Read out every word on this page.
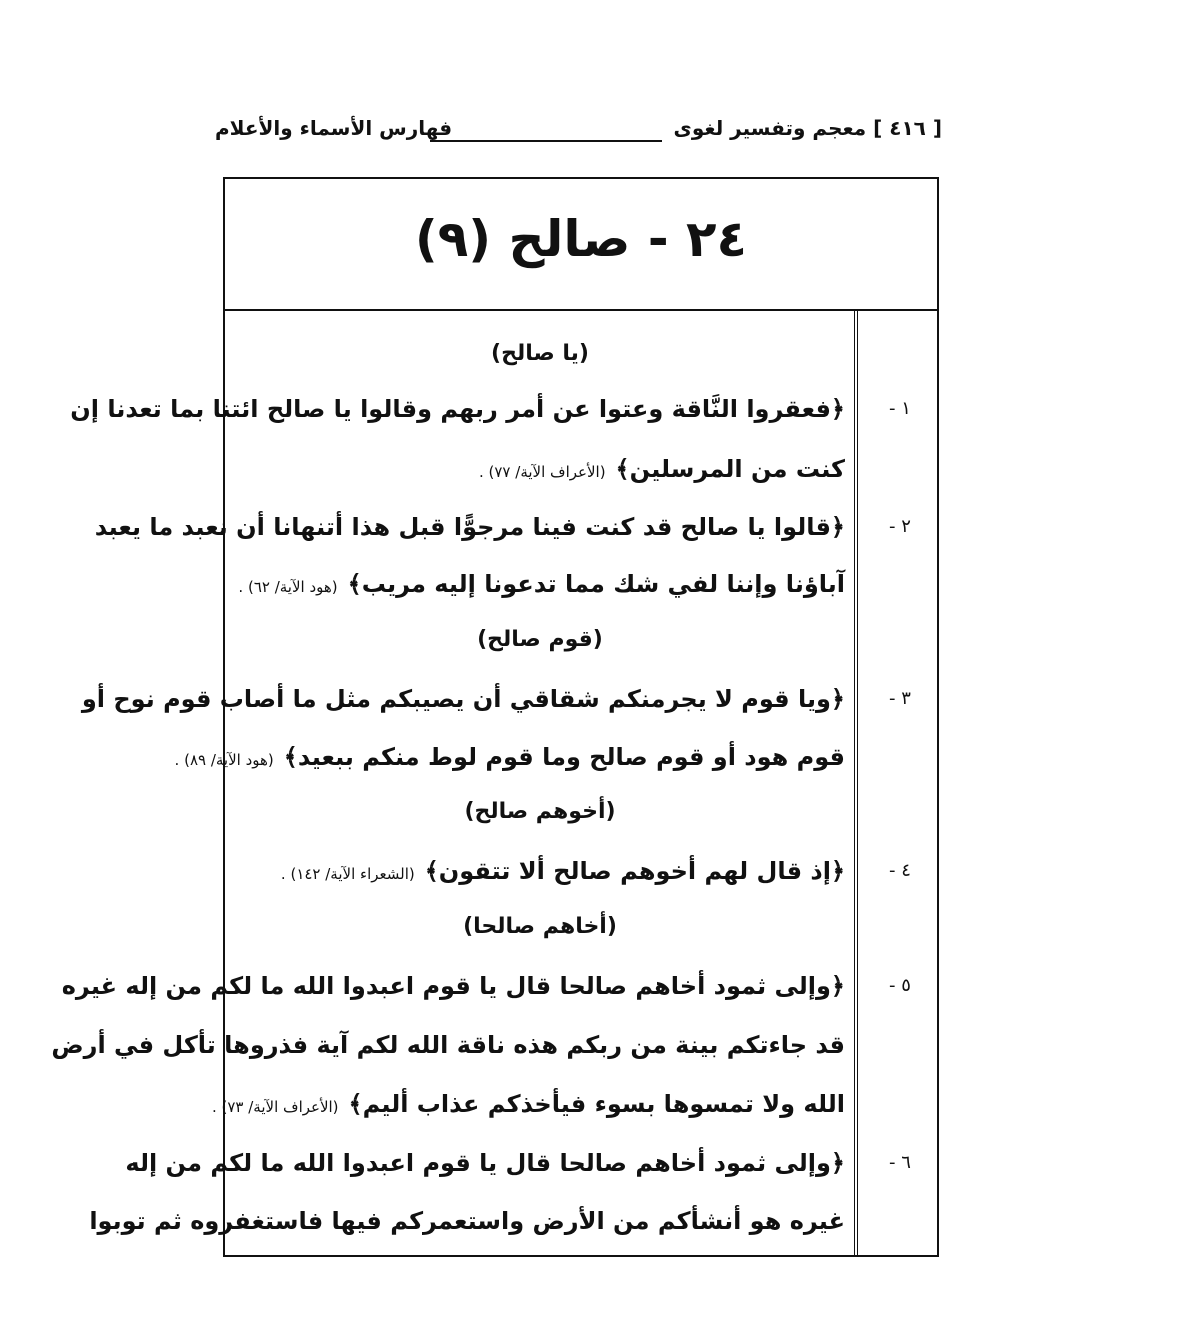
[ ٤١٦ ] معجم وتفسير لغوى
فهارس الأسماء والأعلام
٢٤ - صالح (٩)
(يا صالح)
﴿فعقروا النَّاقة وعتوا عن أمر ربهم وقالوا يا صالح ائتنا بما تعدنا إن
كنت من المرسلين﴾(الأعراف الآية/ ٧٧) .
﴿قالوا يا صالح قد كنت فينا مرجوًّا قبل هذا أتنهانا أن نعبد ما يعبد
آباؤنا وإننا لفي شك مما تدعونا إليه مريب﴾(هود الآية/ ٦٢) .
(قوم صالح)
﴿ويا قوم لا يجرمنكم شقاقي أن يصيبكم مثل ما أصاب قوم نوح أو
قوم هود أو قوم صالح وما قوم لوط منكم ببعيد﴾(هود الآية/ ٨٩) .
(أخوهم صالح)
﴿إذ قال لهم أخوهم صالح ألا تتقون﴾(الشعراء الآية/ ١٤٢) .
(أخاهم صالحا)
﴿وإلى ثمود أخاهم صالحا قال يا قوم اعبدوا الله ما لكم من إله غيره
قد جاءتكم بينة من ربكم هذه ناقة الله لكم آية فذروها تأكل في أرض
الله ولا تمسوها بسوء فيأخذكم عذاب أليم﴾(الأعراف الآية/ ٧٣) .
﴿وإلى ثمود أخاهم صالحا قال يا قوم اعبدوا الله ما لكم من إله
غيره هو أنشأكم من الأرض واستعمركم فيها فاستغفروه ثم توبوا
١ -
٢ -
٣ -
٤ -
٥ -
٦ -
